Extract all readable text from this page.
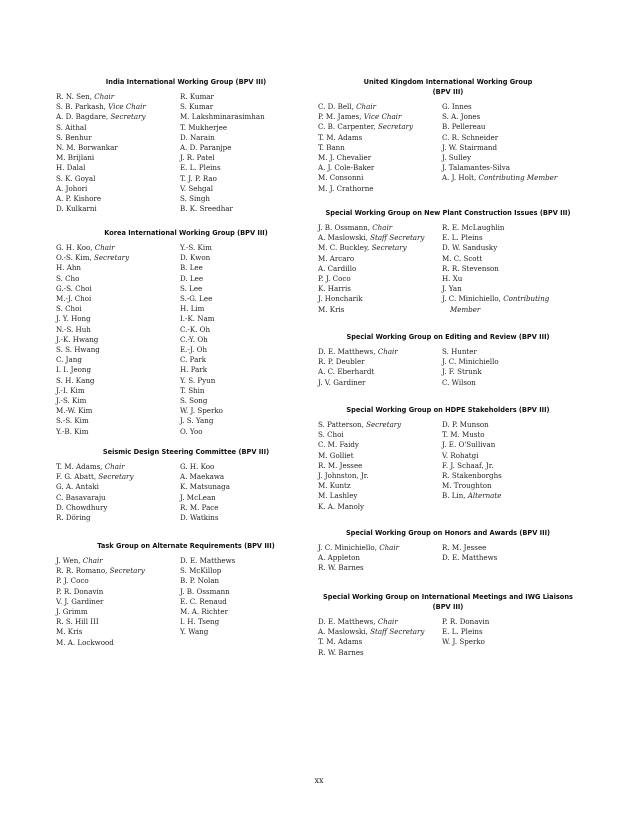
India International Working Group (BPV III)
R. N. Sen, Chair
S. B. Parkash, Vice Chair
A. D. Bagdare, Secretary
S. Aithal
S. Benhur
N. M. Borwankar
M. Brijlani
H. Dalal
S. K. Goyal
A. Johori
A. P. Kishore
D. Kulkarni
R. Kumar
S. Kumar
M. Lakshminarasimhan
T. Mukherjee
D. Narain
A. D. Paranjpe
J. R. Patel
E. L. Pleins
T. J. P. Rao
V. Sehgal
S. Singh
B. K. Sreedhar
Korea International Working Group (BPV III)
G. H. Koo, Chair
O.-S. Kim, Secretary
H. Ahn
S. Cho
G.-S. Choi
M.-J. Choi
S. Choi
J. Y. Hong
N.-S. Huh
J.-K. Hwang
S. S. Hwang
C. Jang
I. I. Jeong
S. H. Kang
J.-I. Kim
J.-S. Kim
M.-W. Kim
S.-S. Kim
Y.-B. Kim
Y.-S. Kim
D. Kwon
B. Lee
D. Lee
S. Lee
S.-G. Lee
H. Lim
I.-K. Nam
C.-K. Oh
C.-Y. Oh
E.-J. Oh
C. Park
H. Park
Y. S. Pyun
T. Shin
S. Song
W. J. Sperko
J. S. Yang
O. Yoo
Seismic Design Steering Committee (BPV III)
T. M. Adams, Chair
F. G. Abatt, Secretary
G. A. Antaki
C. Basavaraju
D. Chowdhury
R. Döring
G. H. Koo
A. Maekawa
K. Matsunaga
J. McLean
R. M. Pace
D. Watkins
Task Group on Alternate Requirements (BPV III)
J. Wen, Chair
R. R. Romano, Secretary
P. J. Coco
P. R. Donavin
V. J. Gardiner
J. Grimm
R. S. Hill III
M. Kris
M. A. Lockwood
D. E. Matthews
S. McKillop
B. P. Nolan
J. B. Ossmann
E. C. Renaud
M. A. Richter
I. H. Tseng
Y. Wang
United Kingdom International Working Group
(BPV III)
C. D. Bell, Chair
P. M. James, Vice Chair
C. B. Carpenter, Secretary
T. M. Adams
T. Bann
M. J. Chevalier
A. J. Cole-Baker
M. Consonni
M. J. Crathorne
G. Innes
S. A. Jones
B. Pellereau
C. R. Schneider
J. W. Stairmand
J. Sulley
J. Talamantes-Silva
A. J. Holt, Contributing Member
Special Working Group on New Plant Construction Issues (BPV III)
J. B. Ossmann, Chair
A. Maslowski, Staff Secretary
M. C. Buckley, Secretary
M. Arcaro
A. Cardillo
P. J. Coco
K. Harris
J. Honcharik
M. Kris
R. E. McLaughlin
E. L. Pleins
D. W. Sandusky
M. C. Scott
R. R. Stevenson
H. Xu
J. Yan
J. C. Minichiello, Contributing
Member
Special Working Group on Editing and Review (BPV III)
D. E. Matthews, Chair
R. P. Deubler
A. C. Eberhardt
J. V. Gardiner
S. Hunter
J. C. Minichiello
J. F. Strunk
C. Wilson
Special Working Group on HDPE Stakeholders (BPV III)
S. Patterson, Secretary
S. Choi
C. M. Faidy
M. Golliet
R. M. Jessee
J. Johnston, Jr.
M. Kuntz
M. Lashley
K. A. Manoly
D. P. Munson
T. M. Musto
J. E. O'Sullivan
V. Rohatgi
F. J. Schaaf, Jr.
R. Stakenborghs
M. Troughton
B. Lin, Alternate
Special Working Group on Honors and Awards (BPV III)
J. C. Minichiello, Chair
A. Appleton
R. W. Barnes
R. M. Jessee
D. E. Matthews
Special Working Group on International Meetings and IWG Liaisons
(BPV III)
D. E. Matthews, Chair
A. Maslowski, Staff Secretary
T. M. Adams
R. W. Barnes
P. R. Donavin
E. L. Pleins
W. J. Sperko
xx
